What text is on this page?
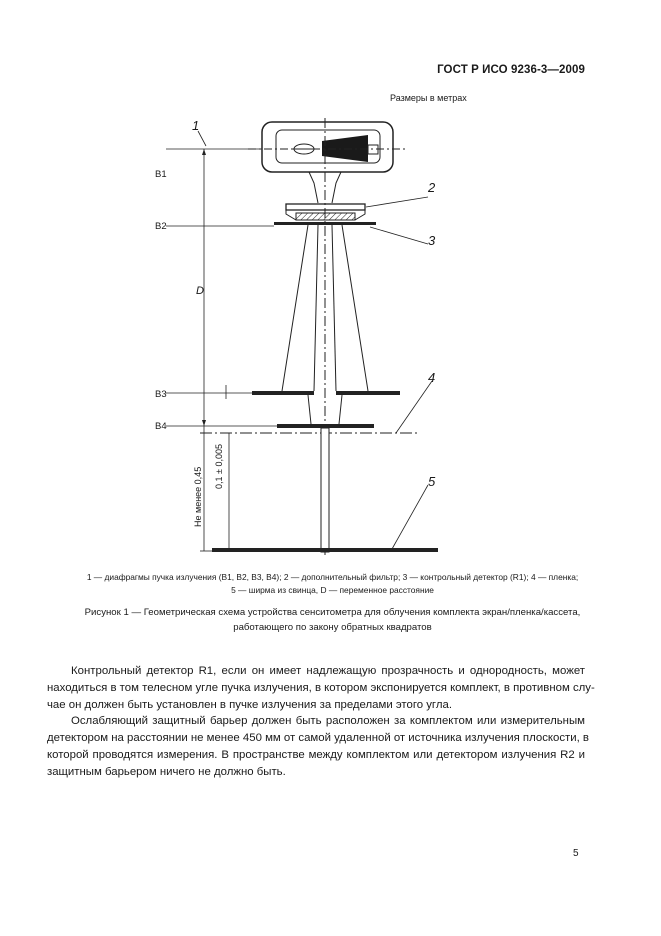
ГОСТ Р ИСО 9236-3—2009
Размеры в метрах
1
2
3
4
5
B1
B2
B3
B4
D
0,1 ± 0,005
Не менее 0,45
1 — диафрагмы пучка излучения (B1, B2, B3, B4); 2 — дополнительный фильтр; 3 — контрольный детектор (R1); 4 — пленка;
5 — ширма из свинца, D — переменное расстояние
Рисунок 1 — Геометрическая схема устройства сенситометра для облучения комплекта экран/пленка/кассета,
работающего по закону обратных квадратов
Контрольный детектор R1, если он имеет надлежащую прозрачность и однородность, может
находиться в том телесном угле пучка излучения, в котором экспонируется комплект, в противном слу-
чае он должен быть установлен в пучке излучения за пределами этого угла.
Ослабляющий защитный барьер должен быть расположен за комплектом или измерительным
детектором на расстоянии не менее 450 мм от самой удаленной от источника излучения плоскости, в
которой проводятся измерения. В пространстве между комплектом или детектором излучения R2 и
защитным барьером ничего не должно быть.
5
